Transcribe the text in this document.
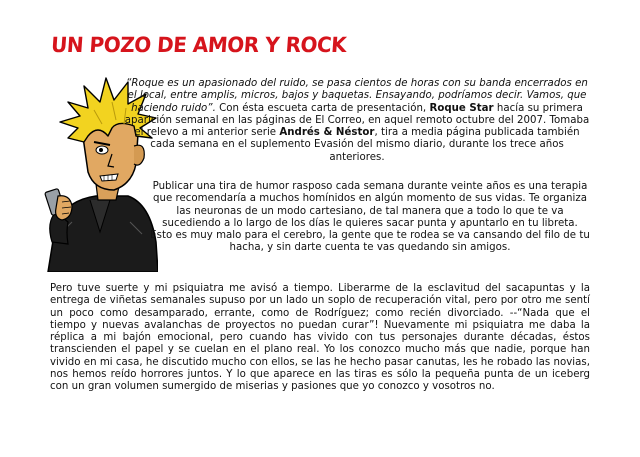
UN POZO DE AMOR Y ROCK

“Roque es un apasionado del ruido, se pasa cientos de horas con su banda encerrados en el local, entre amplis, micros, bajos y baquetas. Ensayando, podríamos decir. Vamos, que haciendo ruido”. Con ésta escueta carta de presentación, Roque Star hacía su primera aparición semanal en las páginas de El Correo, en aquel remoto octubre del 2007. Tomaba el relevo a mi anterior serie Andrés & Néstor, tira a media página publicada también cada semana en el suplemento Evasión del mismo diario, durante los trece años anteriores.

Publicar una tira de humor rasposo cada semana durante veinte años es una terapia que recomendaría a muchos homínidos en algún momento de sus vidas. Te organiza las neuronas de un modo cartesiano, de tal manera que a todo lo que te va sucediendo a lo largo de los días le quieres sacar punta y apuntarlo en tu libreta. Esto es muy malo para el cerebro, la gente que te rodea se va cansando del filo de tu hacha, y sin darte cuenta te vas quedando sin amigos.

Pero tuve suerte y mi psiquiatra me avisó a tiempo. Liberarme de la esclavitud del sacapuntas y la entrega de viñetas semanales supuso por un lado un soplo de recuperación vital, pero por otro me sentí un poco como desamparado, errante, como de Rodríguez; como recién divorciado. --“Nada que el tiempo y nuevas avalanchas de proyectos no puedan curar”! Nuevamente mi psiquiatra me daba la réplica a mi bajón emocional, pero cuando has vivido con tus personajes durante décadas, éstos transcienden el papel y se cuelan en el plano real. Yo los conozco mucho más que nadie, porque han vivido en mi casa, he discutido mucho con ellos, se las he hecho pasar canutas, les he robado las novias, nos hemos reído horrores juntos. Y lo que aparece en las tiras es sólo la pequeña punta de un iceberg con un gran volumen sumergido de miserias y pasiones que yo conozco y vosotros no.
